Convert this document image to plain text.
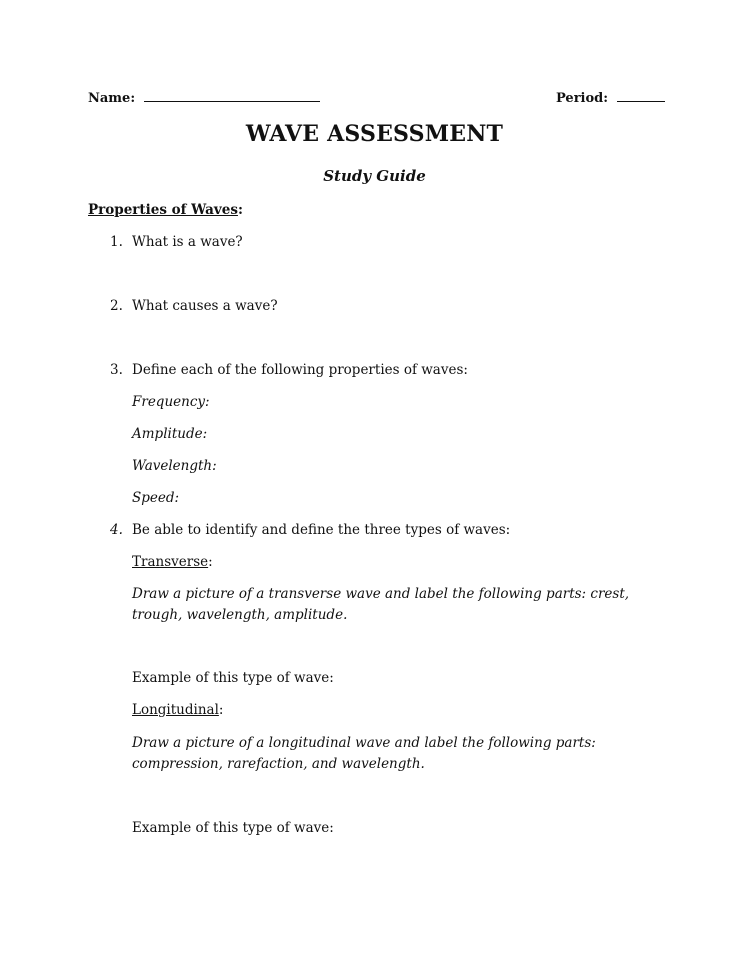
Name:	Period:
WAVE ASSESSMENT
Study Guide
Properties of Waves:
1. What is a wave?
2. What causes a wave?
3. Define each of the following properties of waves:
Frequency:
Amplitude:
Wavelength:
Speed:
4. Be able to identify and define the three types of waves:
Transverse:
Draw a picture of a transverse wave and label the following parts: crest, trough, wavelength, amplitude.
Example of this type of wave:
Longitudinal:
Draw a picture of a longitudinal wave and label the following parts: compression, rarefaction, and wavelength.
Example of this type of wave:
